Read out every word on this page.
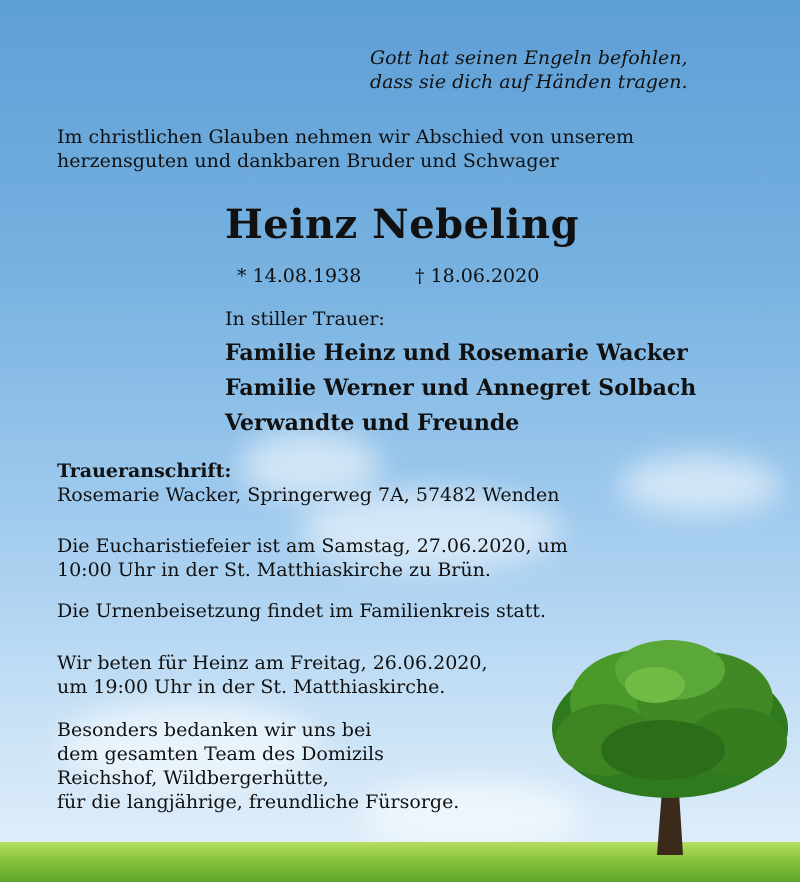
Gott hat seinen Engeln befohlen,
dass sie dich auf Händen tragen.
Im christlichen Glauben nehmen wir Abschied von unserem
herzensguten und dankbaren Bruder und Schwager
Heinz Nebeling
* 14.08.1938	† 18.06.2020
In stiller Trauer:
Familie Heinz und Rosemarie Wacker
Familie Werner und Annegret Solbach
Verwandte und Freunde
Traueranschrift:
Rosemarie Wacker, Springerweg 7A, 57482 Wenden
Die Eucharistiefeier ist am Samstag, 27.06.2020, um
10:00 Uhr in der St. Matthiaskirche zu Brün.
Die Urnenbeisetzung findet im Familienkreis statt.
Wir beten für Heinz am Freitag, 26.06.2020,
um 19:00 Uhr in der St. Matthiaskirche.
Besonders bedanken wir uns bei
dem gesamten Team des Domizils
Reichshof, Wildbergerhütte,
für die langjährige, freundliche Fürsorge.
